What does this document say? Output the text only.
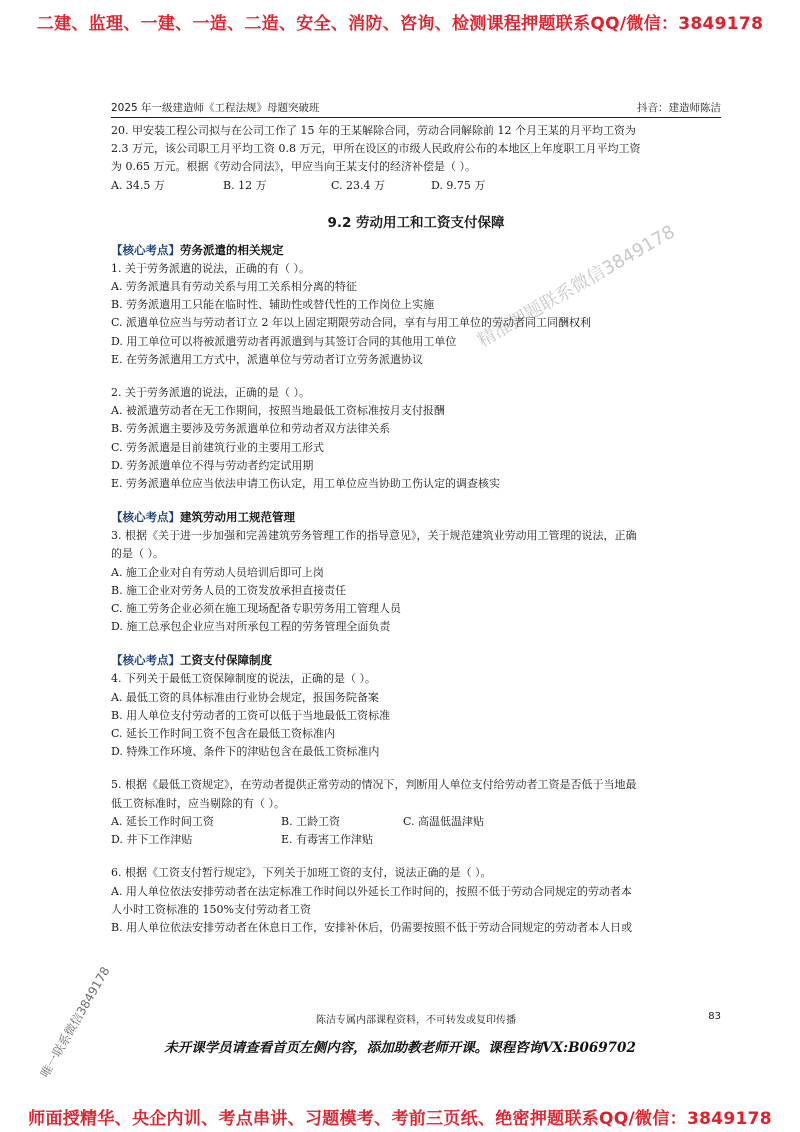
二建、监理、一建、一造、二造、安全、消防、咨询、检测课程押题联系QQ/微信：3849178
2025 年一级建造师《工程法规》母题突破班	抖音：建造师陈洁
20. 甲安装工程公司拟与在公司工作了 15 年的王某解除合同，劳动合同解除前 12 个月王某的月平均工资为
2.3 万元，该公司职工月平均工资 0.8 万元，甲所在设区的市级人民政府公布的本地区上年度职工月平均工资
为 0.65 万元。根据《劳动合同法》，甲应当向王某支付的经济补偿是（ ）。
A. 34.5 万	B. 12 万	C. 23.4 万	D. 9.75 万
9.2 劳动用工和工资支付保障
【核心考点】劳务派遣的相关规定
1. 关于劳务派遣的说法，正确的有（ ）。
A. 劳务派遣具有劳动关系与用工关系相分离的特征
B. 劳务派遣用工只能在临时性、辅助性或替代性的工作岗位上实施
C. 派遣单位应当与劳动者订立 2 年以上固定期限劳动合同，享有与用工单位的劳动者同工同酬权利
D. 用工单位可以将被派遣劳动者再派遣到与其签订合同的其他用工单位
E. 在劳务派遣用工方式中，派遣单位与劳动者订立劳务派遣协议
2. 关于劳务派遣的说法，正确的是（ ）。
A. 被派遣劳动者在无工作期间，按照当地最低工资标准按月支付报酬
B. 劳务派遣主要涉及劳务派遣单位和劳动者双方法律关系
C. 劳务派遣是目前建筑行业的主要用工形式
D. 劳务派遣单位不得与劳动者约定试用期
E. 劳务派遣单位应当依法申请工伤认定，用工单位应当协助工伤认定的调查核实
【核心考点】建筑劳动用工规范管理
3. 根据《关于进一步加强和完善建筑劳务管理工作的指导意见》，关于规范建筑业劳动用工管理的说法，正确
的是（ ）。
A. 施工企业对自有劳动人员培训后即可上岗
B. 施工企业对劳务人员的工资发放承担直接责任
C. 施工劳务企业必须在施工现场配备专职劳务用工管理人员
D. 施工总承包企业应当对所承包工程的劳务管理全面负责
【核心考点】工资支付保障制度
4. 下列关于最低工资保障制度的说法，正确的是（ ）。
A. 最低工资的具体标准由行业协会规定，报国务院备案
B. 用人单位支付劳动者的工资可以低于当地最低工资标准
C. 延长工作时间工资不包含在最低工资标准内
D. 特殊工作环境、条件下的津贴包含在最低工资标准内
5. 根据《最低工资规定》，在劳动者提供正常劳动的情况下，判断用人单位支付给劳动者工资是否低于当地最
低工资标准时，应当剔除的有（ ）。
A. 延长工作时间工资	B. 工龄工资	C. 高温低温津贴
D. 井下工作津贴	E. 有毒害工作津贴
6. 根据《工资支付暂行规定》，下列关于加班工资的支付，说法正确的是（ ）。
A. 用人单位依法安排劳动者在法定标准工作时间以外延长工作时间的，按照不低于劳动合同规定的劳动者本
人小时工资标准的 150%支付劳动者工资
B. 用人单位依法安排劳动者在休息日工作，安排补休后，仍需要按照不低于劳动合同规定的劳动者本人日或
陈洁专属内部课程资料，不可转发或复印传播	83
未开课学员请查看首页左侧内容，添加助教老师开课。课程咨询VX:B069702
精准押题联系微信3849178
唯一联系微信3849178
师面授精华、央企内训、考点串讲、习题模考、考前三页纸、绝密押题联系QQ/微信：3849178
